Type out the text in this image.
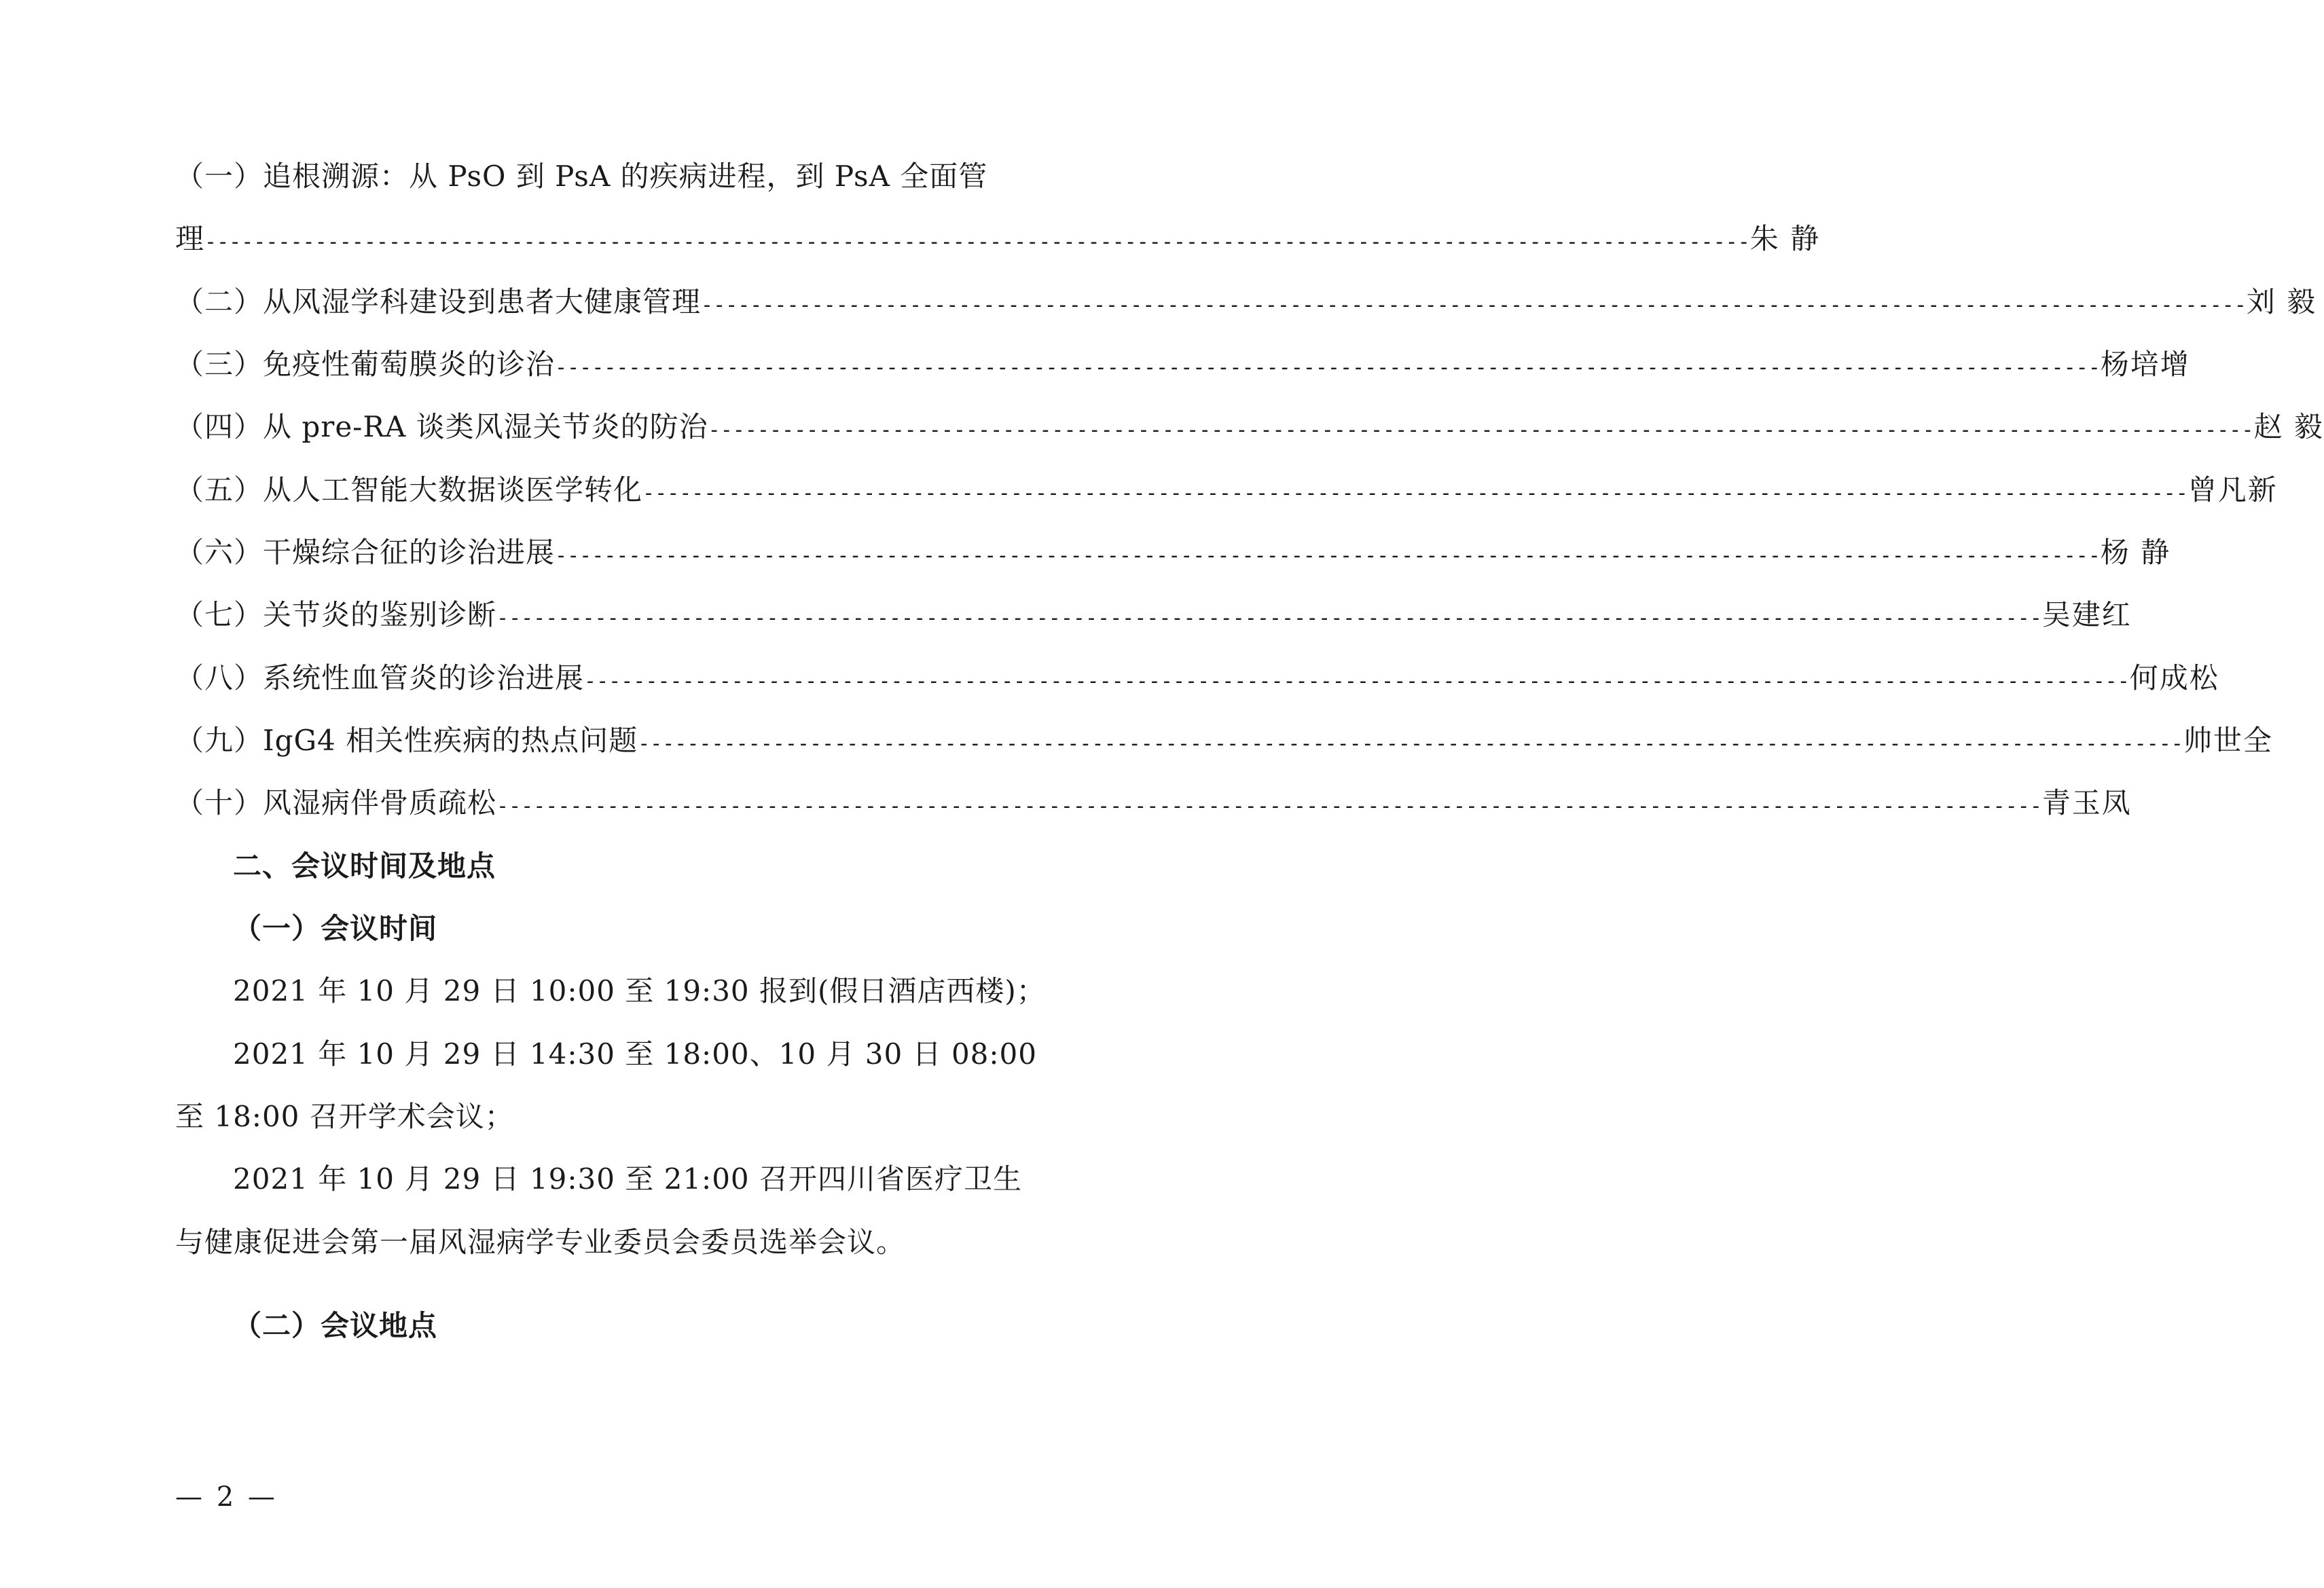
（一）追根溯源：从 PsO 到 PsA 的疾病进程，到 PsA 全面管
理 ------------------------------------------------------------------------------------------------------------------------------ 朱 静
（二）从风湿学科建设到患者大健康管理 ------------------------------------------------------------------------------------------------------------------------------ 刘 毅
（三）免疫性葡萄膜炎的诊治 ------------------------------------------------------------------------------------------------------------------------------ 杨培增
（四）从 pre-RA 谈类风湿关节炎的防治 ------------------------------------------------------------------------------------------------------------------------------ 赵 毅
（五）从人工智能大数据谈医学转化 ------------------------------------------------------------------------------------------------------------------------------ 曾凡新
（六）干燥综合征的诊治进展 ------------------------------------------------------------------------------------------------------------------------------ 杨 静
（七）关节炎的鉴别诊断 ------------------------------------------------------------------------------------------------------------------------------ 吴建红
（八）系统性血管炎的诊治进展 ------------------------------------------------------------------------------------------------------------------------------ 何成松
（九）IgG4 相关性疾病的热点问题 ------------------------------------------------------------------------------------------------------------------------------ 帅世全
（十）风湿病伴骨质疏松 ------------------------------------------------------------------------------------------------------------------------------ 青玉凤
二、会议时间及地点
（一）会议时间
2021 年 10 月 29 日 10:00 至 19:30 报到(假日酒店西楼)；
2021 年 10 月 29 日 14:30 至 18:00、10 月 30 日 08:00
至 18:00 召开学术会议；
2021 年 10 月 29 日 19:30 至 21:00 召开四川省医疗卫生
与健康促进会第一届风湿病学专业委员会委员选举会议。
（二）会议地点
— 2 —
